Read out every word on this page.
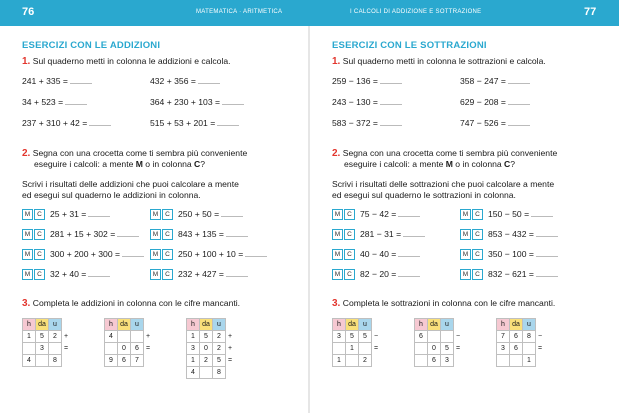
76	MATEMATICA · ARITMETICA	I CALCOLI DI ADDIZIONE E SOTTRAZIONE	77
ESERCIZI CON LE ADDIZIONI
1. Sul quaderno metti in colonna le addizioni e calcola.
241 + 335 =	432 + 356 =
34 + 523 =	364 + 230 + 103 =
237 + 310 + 42 =	515 + 53 + 201 =
2. Segna con una crocetta come ti sembra più conveniente
eseguire i calcoli: a mente M o in colonna C?
Scrivi i risultati delle addizioni che puoi calcolare a mente
ed esegui sul quaderno le addizioni in colonna.
M C 25 + 31 =	M C 250 + 50 =
M C 281 + 15 + 302 =	M C 843 + 135 =
M C 300 + 200 + 300 =	M C 250 + 100 + 10 =
M C 32 + 40 =	M C 232 + 427 =
3. Completa le addizioni in colonna con le cifre mancanti.
h	da	u	
1	5	2	+
	3		=
4		8	
h	da	u	
4			+
	0	6	=
9	6	7	
h	da	u	
1	5	2	+
3	0	2	+
1	2	5	=
4		8	
ESERCIZI CON LE SOTTRAZIONI
1. Sul quaderno metti in colonna le sottrazioni e calcola.
259 − 136 =	358 − 247 =
243 − 130 =	629 − 208 =
583 − 372 =	747 − 526 =
2. Segna con una crocetta come ti sembra più conveniente
eseguire i calcoli: a mente M o in colonna C?
Scrivi i risultati delle sottrazioni che puoi calcolare a mente
ed esegui sul quaderno le sottrazioni in colonna.
M C 75 − 42 =	M C 150 − 50 =
M C 281 − 31 =	M C 853 − 432 =
M C 40 − 40 =	M C 350 − 100 =
M C 82 − 20 =	M C 832 − 621 =
3. Completa le sottrazioni in colonna con le cifre mancanti.
h	da	u	
3	5	5	−
	1		=
1		2	
h	da	u	
6			−
	0	5	=
	6	3	
h	da	u	
7	6	8	−
3	6		=
		1	
